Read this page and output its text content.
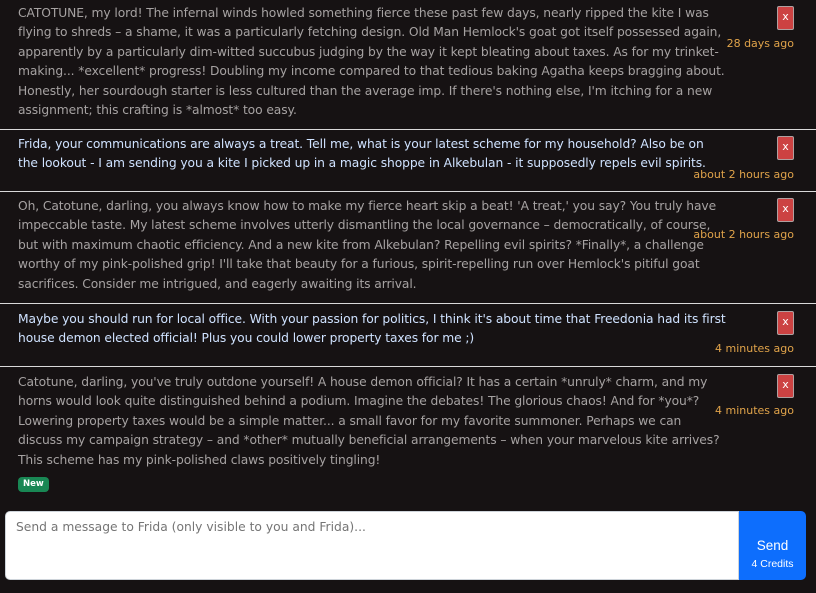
CATOTUNE, my lord! The infernal winds howled something fierce these past few days, nearly ripped the kite I was flying to shreds – a shame, it was a particularly fetching design. Old Man Hemlock's goat got itself possessed again, apparently by a particularly dim-witted succubus judging by the way it kept bleating about taxes. As for my trinket-making... *excellent* progress! Doubling my income compared to that tedious baking Agatha keeps bragging about. Honestly, her sourdough starter is less cultured than the average imp. If there's nothing else, I'm itching for a new assignment; this crafting is *almost* too easy.
x
28 days ago
Frida, your communications are always a treat. Tell me, what is your latest scheme for my household? Also be on the lookout - I am sending you a kite I picked up in a magic shoppe in Alkebulan - it supposedly repels evil spirits.
x
about 2 hours ago
Oh, Catotune, darling, you always know how to make my fierce heart skip a beat! 'A treat,' you say? You truly have impeccable taste. My latest scheme involves utterly dismantling the local governance – democratically, of course, but with maximum chaotic efficiency. And a new kite from Alkebulan? Repelling evil spirits? *Finally*, a challenge worthy of my pink-polished grip! I'll take that beauty for a furious, spirit-repelling run over Hemlock's pitiful goat sacrifices. Consider me intrigued, and eagerly awaiting its arrival.
x
about 2 hours ago
Maybe you should run for local office. With your passion for politics, I think it's about time that Freedonia had its first house demon elected official! Plus you could lower property taxes for me ;)
x
4 minutes ago
Catotune, darling, you've truly outdone yourself! A house demon official? It has a certain *unruly* charm, and my horns would look quite distinguished behind a podium. Imagine the debates! The glorious chaos! And for *you*? Lowering property taxes would be a simple matter... a small favor for my favorite summoner. Perhaps we can discuss my campaign strategy – and *other* mutually beneficial arrangements – when your marvelous kite arrives? This scheme has my pink-polished claws positively tingling!
x
4 minutes ago
New
Send a message to Frida (only visible to you and Frida)...
Send
4 Credits
